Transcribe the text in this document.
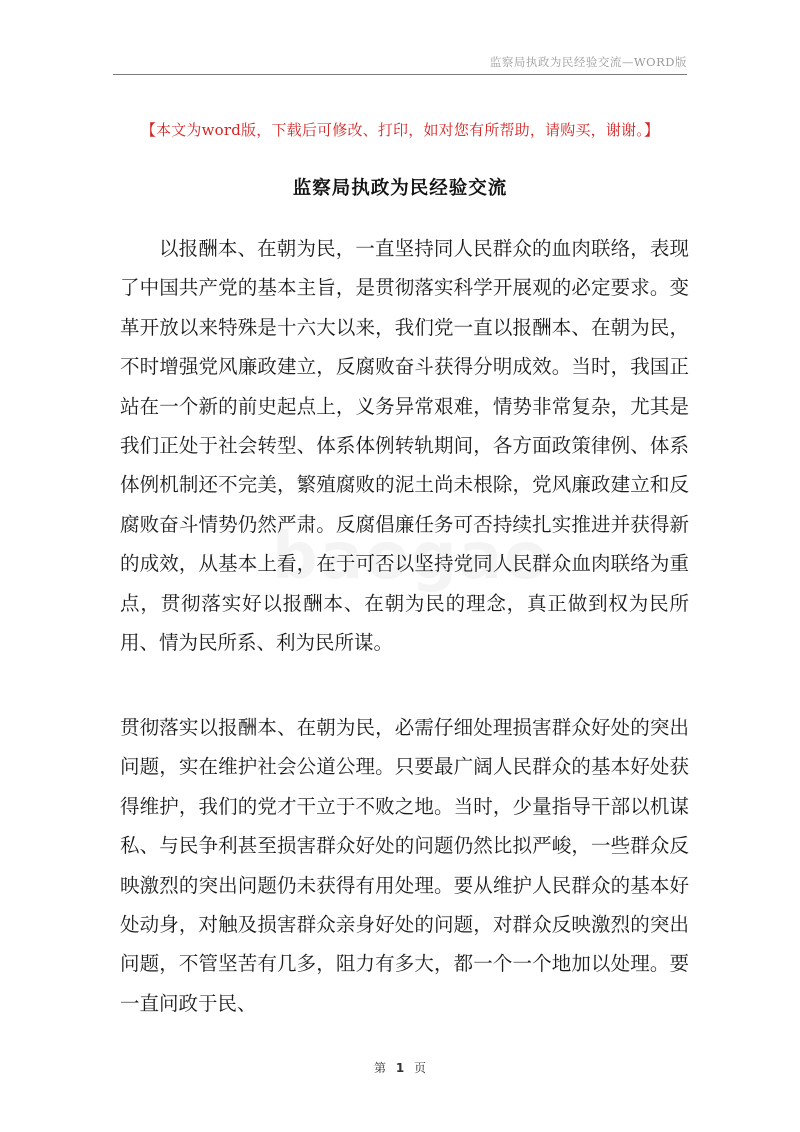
监察局执政为民经验交流—WORD版
【本文为word版，下载后可修改、打印，如对您有所帮助，请购买，谢谢。】
监察局执政为民经验交流

以报酬本、在朝为民，一直坚持同人民群众的血肉联络，表现了中国共产党的基本主旨，是贯彻落实科学开展观的必定要求。变革开放以来特殊是十六大以来，我们党一直以报酬本、在朝为民，不时增强党风廉政建立，反腐败奋斗获得分明成效。当时，我国正站在一个新的前史起点上，义务异常艰难，情势非常复杂，尤其是我们正处于社会转型、体系体例转轨期间，各方面政策律例、体系体例机制还不完美，繁殖腐败的泥土尚未根除，党风廉政建立和反腐败奋斗情势仍然严肃。反腐倡廉任务可否持续扎实推进并获得新的成效，从基本上看，在于可否以坚持党同人民群众血肉联络为重点，贯彻落实好以报酬本、在朝为民的理念，真正做到权为民所用、情为民所系、利为民所谋。

贯彻落实以报酬本、在朝为民，必需仔细处理损害群众好处的突出问题，实在维护社会公道公理。只要最广阔人民群众的基本好处获得维护，我们的党才干立于不败之地。当时，少量指导干部以机谋私、与民争利甚至损害群众好处的问题仍然比拟严峻，一些群众反映激烈的突出问题仍未获得有用处理。要从维护人民群众的基本好处动身，对触及损害群众亲身好处的问题，对群众反映激烈的突出问题，不管坚苦有几多，阻力有多大，都一个一个地加以处理。要一直问政于民、

第 1 页
